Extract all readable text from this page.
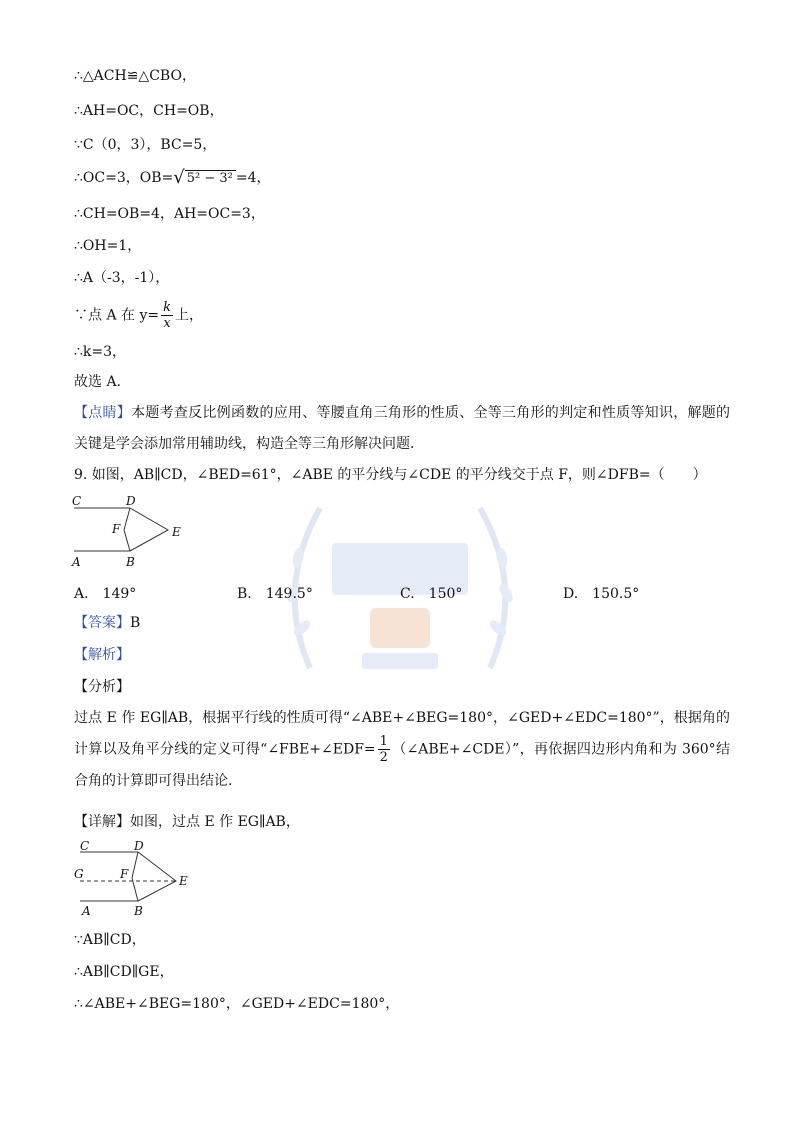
∴△ACH≌△CBO，
∴AH=OC，CH=OB，
∵C（0，3），BC=5，
∴OC=3，OB= √ 5² − 3² =4，
∴CH=OB=4，AH=OC=3，
∴OH=1，
∴A（-3，-1），
∵点 A 在 $y= \frac{k}{x}$ 上，
∴k=3，
故选 A.
【点睛】本题考查反比例函数的应用、等腰直角三角形的性质、全等三角形的判定和性质等知识，解题的关键是学会添加常用辅助线，构造全等三角形解决问题.
9. 如图，AB∥CD，∠BED=61°，∠ABE 的平分线与∠CDE 的平分线交于点 F，则∠DFB=（　　）
C	D
F	E
A	B
A.　149°	B.　149.5°	C.　150°	D.　150.5°
【答案】B
【解析】
【分析】
过点 E 作 EG∥AB，根据平行线的性质可得“∠ABE+∠BEG=180°，∠GED+∠EDC=180°”，根据角的计算以及角平分线的定义可得“∠FBE+∠EDF= $\frac{1}{2}$ （∠ABE+∠CDE）”，再依据四边形内角和为 360°结合角的计算即可得出结论.
【详解】如图，过点 E 作 EG∥AB，
C	D
G	F	E
A	B
∵AB∥CD，
∴AB∥CD∥GE，
∴∠ABE+∠BEG=180°，∠GED+∠EDC=180°，
